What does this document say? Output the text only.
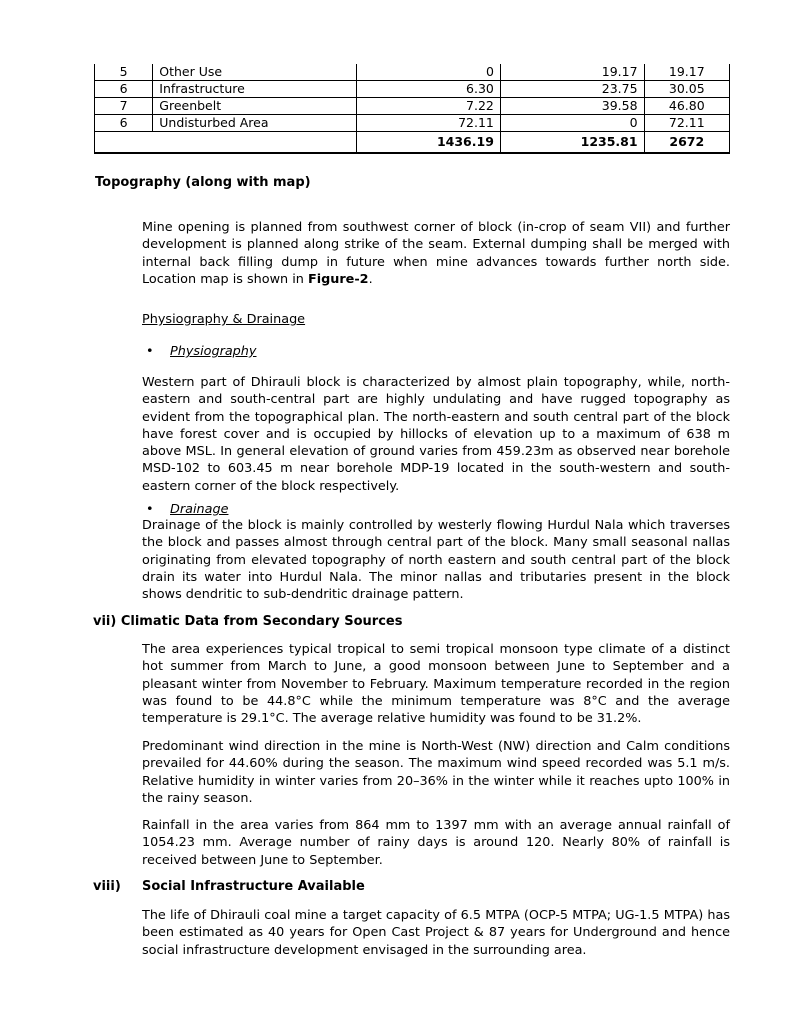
5	Other Use	0	19.17	19.17
6	Infrastructure	6.30	23.75	30.05
7	Greenbelt	7.22	39.58	46.80
6	Undisturbed Area	72.11	0	72.11
		1436.19	1235.81	2672
Topography (along with map)
Mine opening is planned from southwest corner of block (in-crop of seam VII) and further development is planned along strike of the seam. External dumping shall be merged with internal back filling dump in future when mine advances towards further north side. Location map is shown in Figure-2.
Physiography & Drainage
• Physiography
Western part of Dhirauli block is characterized by almost plain topography, while, north-eastern and south-central part are highly undulating and have rugged topography as evident from the topographical plan. The north-eastern and south central part of the block have forest cover and is occupied by hillocks of elevation up to a maximum of 638 m above MSL. In general elevation of ground varies from 459.23m as observed near borehole MSD-102 to 603.45 m near borehole MDP-19 located in the south-western and south-eastern corner of the block respectively.
• Drainage
Drainage of the block is mainly controlled by westerly flowing Hurdul Nala which traverses the block and passes almost through central part of the block. Many small seasonal nallas originating from elevated topography of north eastern and south central part of the block drain its water into Hurdul Nala. The minor nallas and tributaries present in the block shows dendritic to sub-dendritic drainage pattern.
vii) Climatic Data from Secondary Sources
The area experiences typical tropical to semi tropical monsoon type climate of a distinct hot summer from March to June, a good monsoon between June to September and a pleasant winter from November to February. Maximum temperature recorded in the region was found to be 44.8°C while the minimum temperature was 8°C and the average temperature is 29.1°C. The average relative humidity was found to be 31.2%.
Predominant wind direction in the mine is North-West (NW) direction and Calm conditions prevailed for 44.60% during the season. The maximum wind speed recorded was 5.1 m/s. Relative humidity in winter varies from 20–36% in the winter while it reaches upto 100% in the rainy season.
Rainfall in the area varies from 864 mm to 1397 mm with an average annual rainfall of 1054.23 mm. Average number of rainy days is around 120. Nearly 80% of rainfall is received between June to September.
viii) Social Infrastructure Available
The life of Dhirauli coal mine a target capacity of 6.5 MTPA (OCP-5 MTPA; UG-1.5 MTPA) has been estimated as 40 years for Open Cast Project & 87 years for Underground and hence social infrastructure development envisaged in the surrounding area.
